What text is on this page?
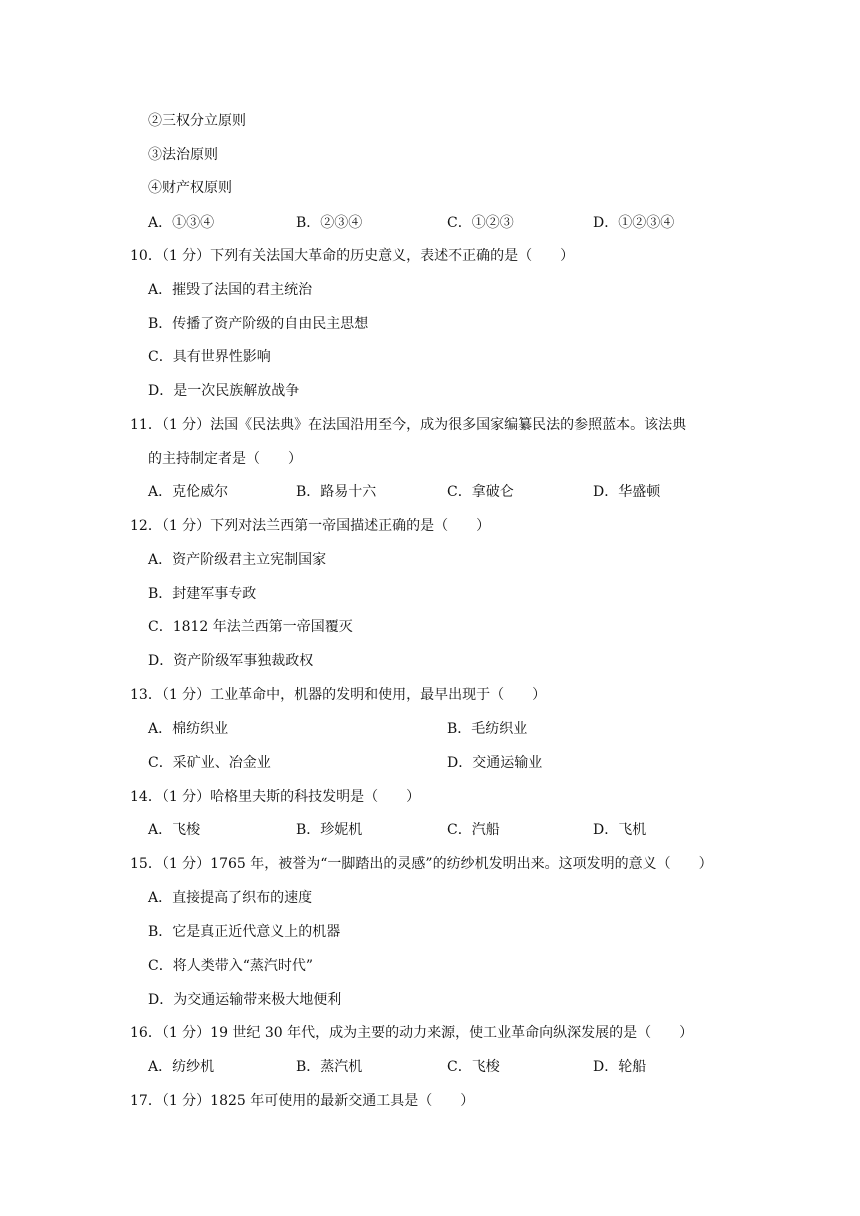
②三权分立原则
③法治原则
④财产权原则
A．①③④	B．②③④	C．①②③	D．①②③④
10．（1 分）下列有关法国大革命的历史意义，表述不正确的是（　　）
A．摧毁了法国的君主统治
B．传播了资产阶级的自由民主思想
C．具有世界性影响
D．是一次民族解放战争
11．（1 分）法国《民法典》在法国沿用至今，成为很多国家编纂民法的参照蓝本。该法典
的主持制定者是（　　）
A．克伦威尔	B．路易十六	C．拿破仑	D．华盛顿
12．（1 分）下列对法兰西第一帝国描述正确的是（　　）
A．资产阶级君主立宪制国家
B．封建军事专政
C．1812 年法兰西第一帝国覆灭
D．资产阶级军事独裁政权
13．（1 分）工业革命中，机器的发明和使用，最早出现于（　　）
A．棉纺织业	B．毛纺织业
C．采矿业、冶金业	D．交通运输业
14．（1 分）哈格里夫斯的科技发明是（　　）
A．飞梭	B．珍妮机	C．汽船	D．飞机
15．（1 分）1765 年，被誉为“一脚踏出的灵感”的纺纱机发明出来。这项发明的意义（　　）
A．直接提高了织布的速度
B．它是真正近代意义上的机器
C．将人类带入“蒸汽时代”
D．为交通运输带来极大地便利
16．（1 分）19 世纪 30 年代，成为主要的动力来源，使工业革命向纵深发展的是（　　）
A．纺纱机	B．蒸汽机	C．飞梭	D．轮船
17．（1 分）1825 年可使用的最新交通工具是（　　）
